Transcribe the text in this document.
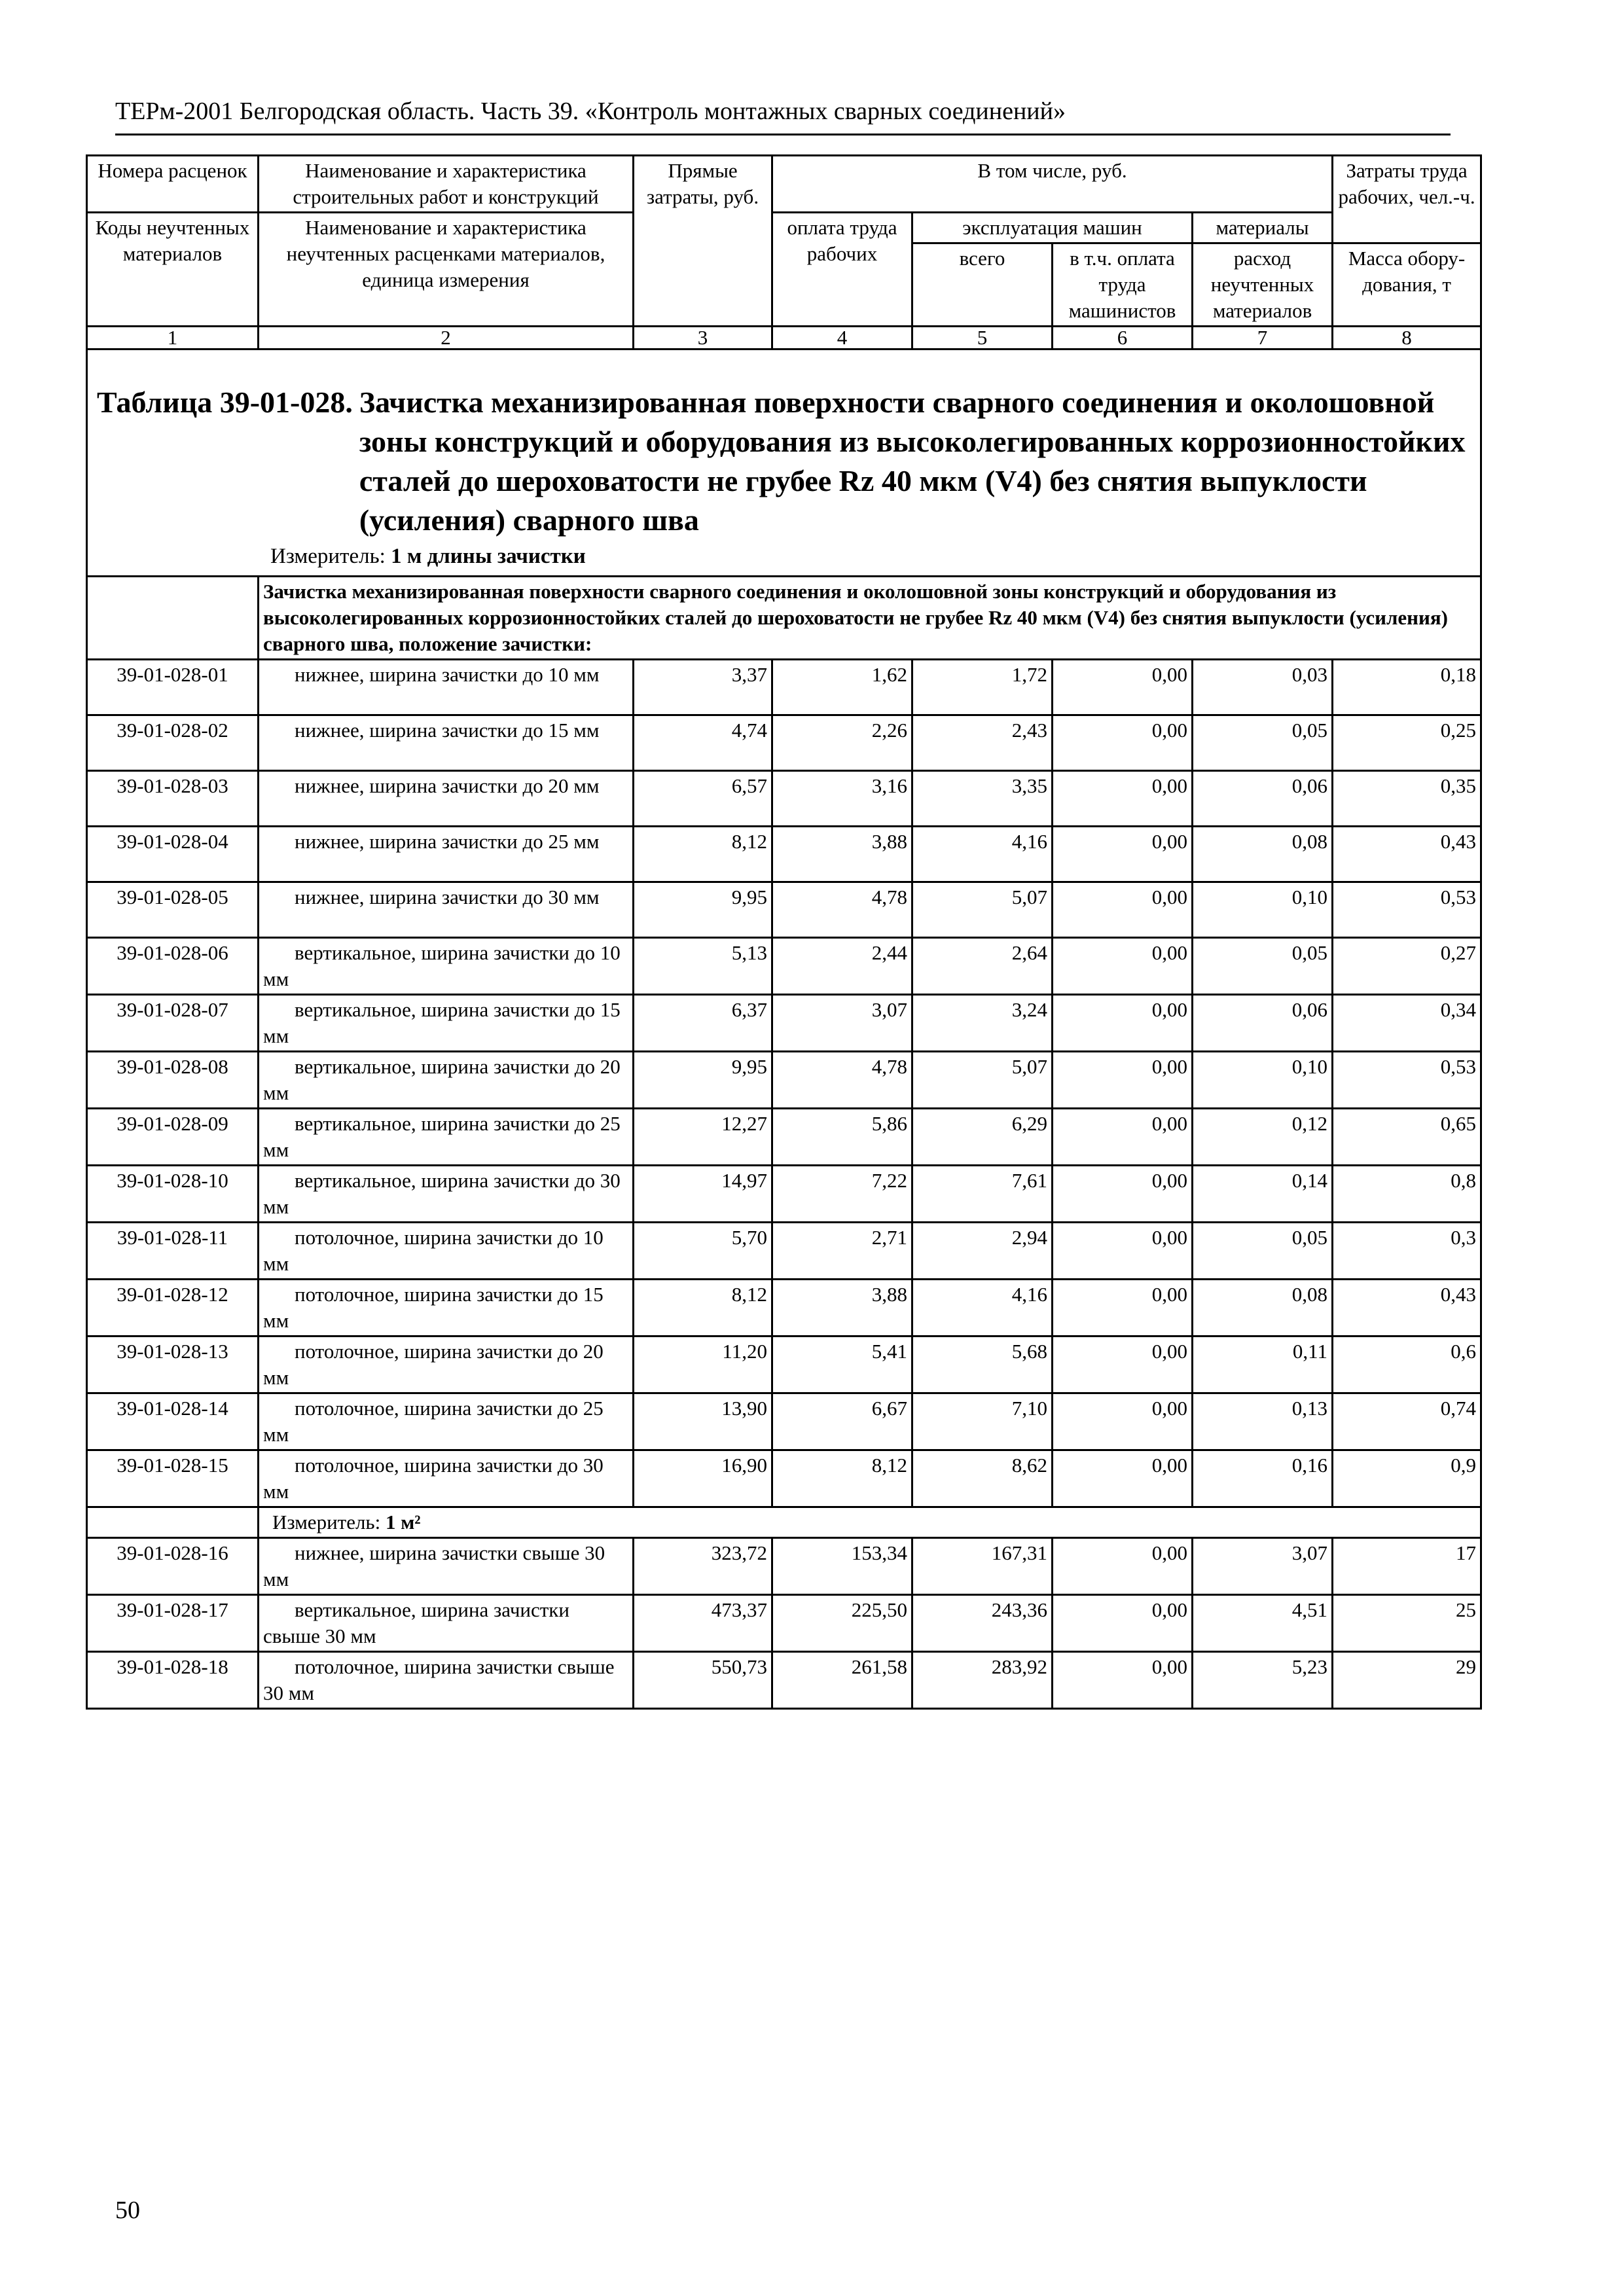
ТЕРм-2001 Белгородская область. Часть 39. «Контроль монтажных сварных соединений»
Номера расценок	Наименование и характеристика строительных работ и конструкций	Прямые затраты, руб.	В том числе, руб.				Затраты труда рабочих, чел.-ч.
Коды неучтенных материалов	Наименование и характеристика неучтенных расценками материалов, единица измерения		оплата труда рабочих	эксплуатация машин		материалы	
				всего	в т.ч. оплата труда машинистов	расход неучтенных материалов	Масса обору-дования, т
1	2	3	4	5	6	7	8

Таблица 39-01-028. Зачистка механизированная поверхности сварного соединения и околошовной зоны конструкций и оборудования из высоколегированных коррозионностойких сталей до шероховатости не грубее Rz 40 мкм (V4) без снятия выпуклости (усиления) сварного шва
Измеритель: 1 м длины зачистки							

	Зачистка механизированная поверхности сварного соединения и околошовной зоны конструкций и оборудования из высоколегированных коррозионностойких сталей до шероховатости не грубее Rz 40 мкм (V4) без снятия выпуклости (усиления) сварного шва, положение зачистки:						
39-01-028-01	нижнее, ширина зачистки до 10 мм	3,37	1,62	1,72	0,00	0,03	0,18
39-01-028-02	нижнее, ширина зачистки до 15 мм	4,74	2,26	2,43	0,00	0,05	0,25
39-01-028-03	нижнее, ширина зачистки до 20 мм	6,57	3,16	3,35	0,00	0,06	0,35
39-01-028-04	нижнее, ширина зачистки до 25 мм	8,12	3,88	4,16	0,00	0,08	0,43
39-01-028-05	нижнее, ширина зачистки до 30 мм	9,95	4,78	5,07	0,00	0,10	0,53
39-01-028-06	вертикальное, ширина зачистки до 10 мм	5,13	2,44	2,64	0,00	0,05	0,27
39-01-028-07	вертикальное, ширина зачистки до 15 мм	6,37	3,07	3,24	0,00	0,06	0,34
39-01-028-08	вертикальное, ширина зачистки до 20 мм	9,95	4,78	5,07	0,00	0,10	0,53
39-01-028-09	вертикальное, ширина зачистки до 25 мм	12,27	5,86	6,29	0,00	0,12	0,65
39-01-028-10	вертикальное, ширина зачистки до 30 мм	14,97	7,22	7,61	0,00	0,14	0,8
39-01-028-11	потолочное, ширина зачистки до 10 мм	5,70	2,71	2,94	0,00	0,05	0,3
39-01-028-12	потолочное, ширина зачистки до 15 мм	8,12	3,88	4,16	0,00	0,08	0,43
39-01-028-13	потолочное, ширина зачистки до 20 мм	11,20	5,41	5,68	0,00	0,11	0,6
39-01-028-14	потолочное, ширина зачистки до 25 мм	13,90	6,67	7,10	0,00	0,13	0,74
39-01-028-15	потолочное, ширина зачистки до 30 мм	16,90	8,12	8,62	0,00	0,16	0,9
	Измеритель: 1 м²						
39-01-028-16	нижнее, ширина зачистки свыше 30 мм	323,72	153,34	167,31	0,00	3,07	17
39-01-028-17	вертикальное, ширина зачистки свыше 30 мм	473,37	225,50	243,36	0,00	4,51	25
39-01-028-18	потолочное, ширина зачистки свыше 30 мм	550,73	261,58	283,92	0,00	5,23	29
50
